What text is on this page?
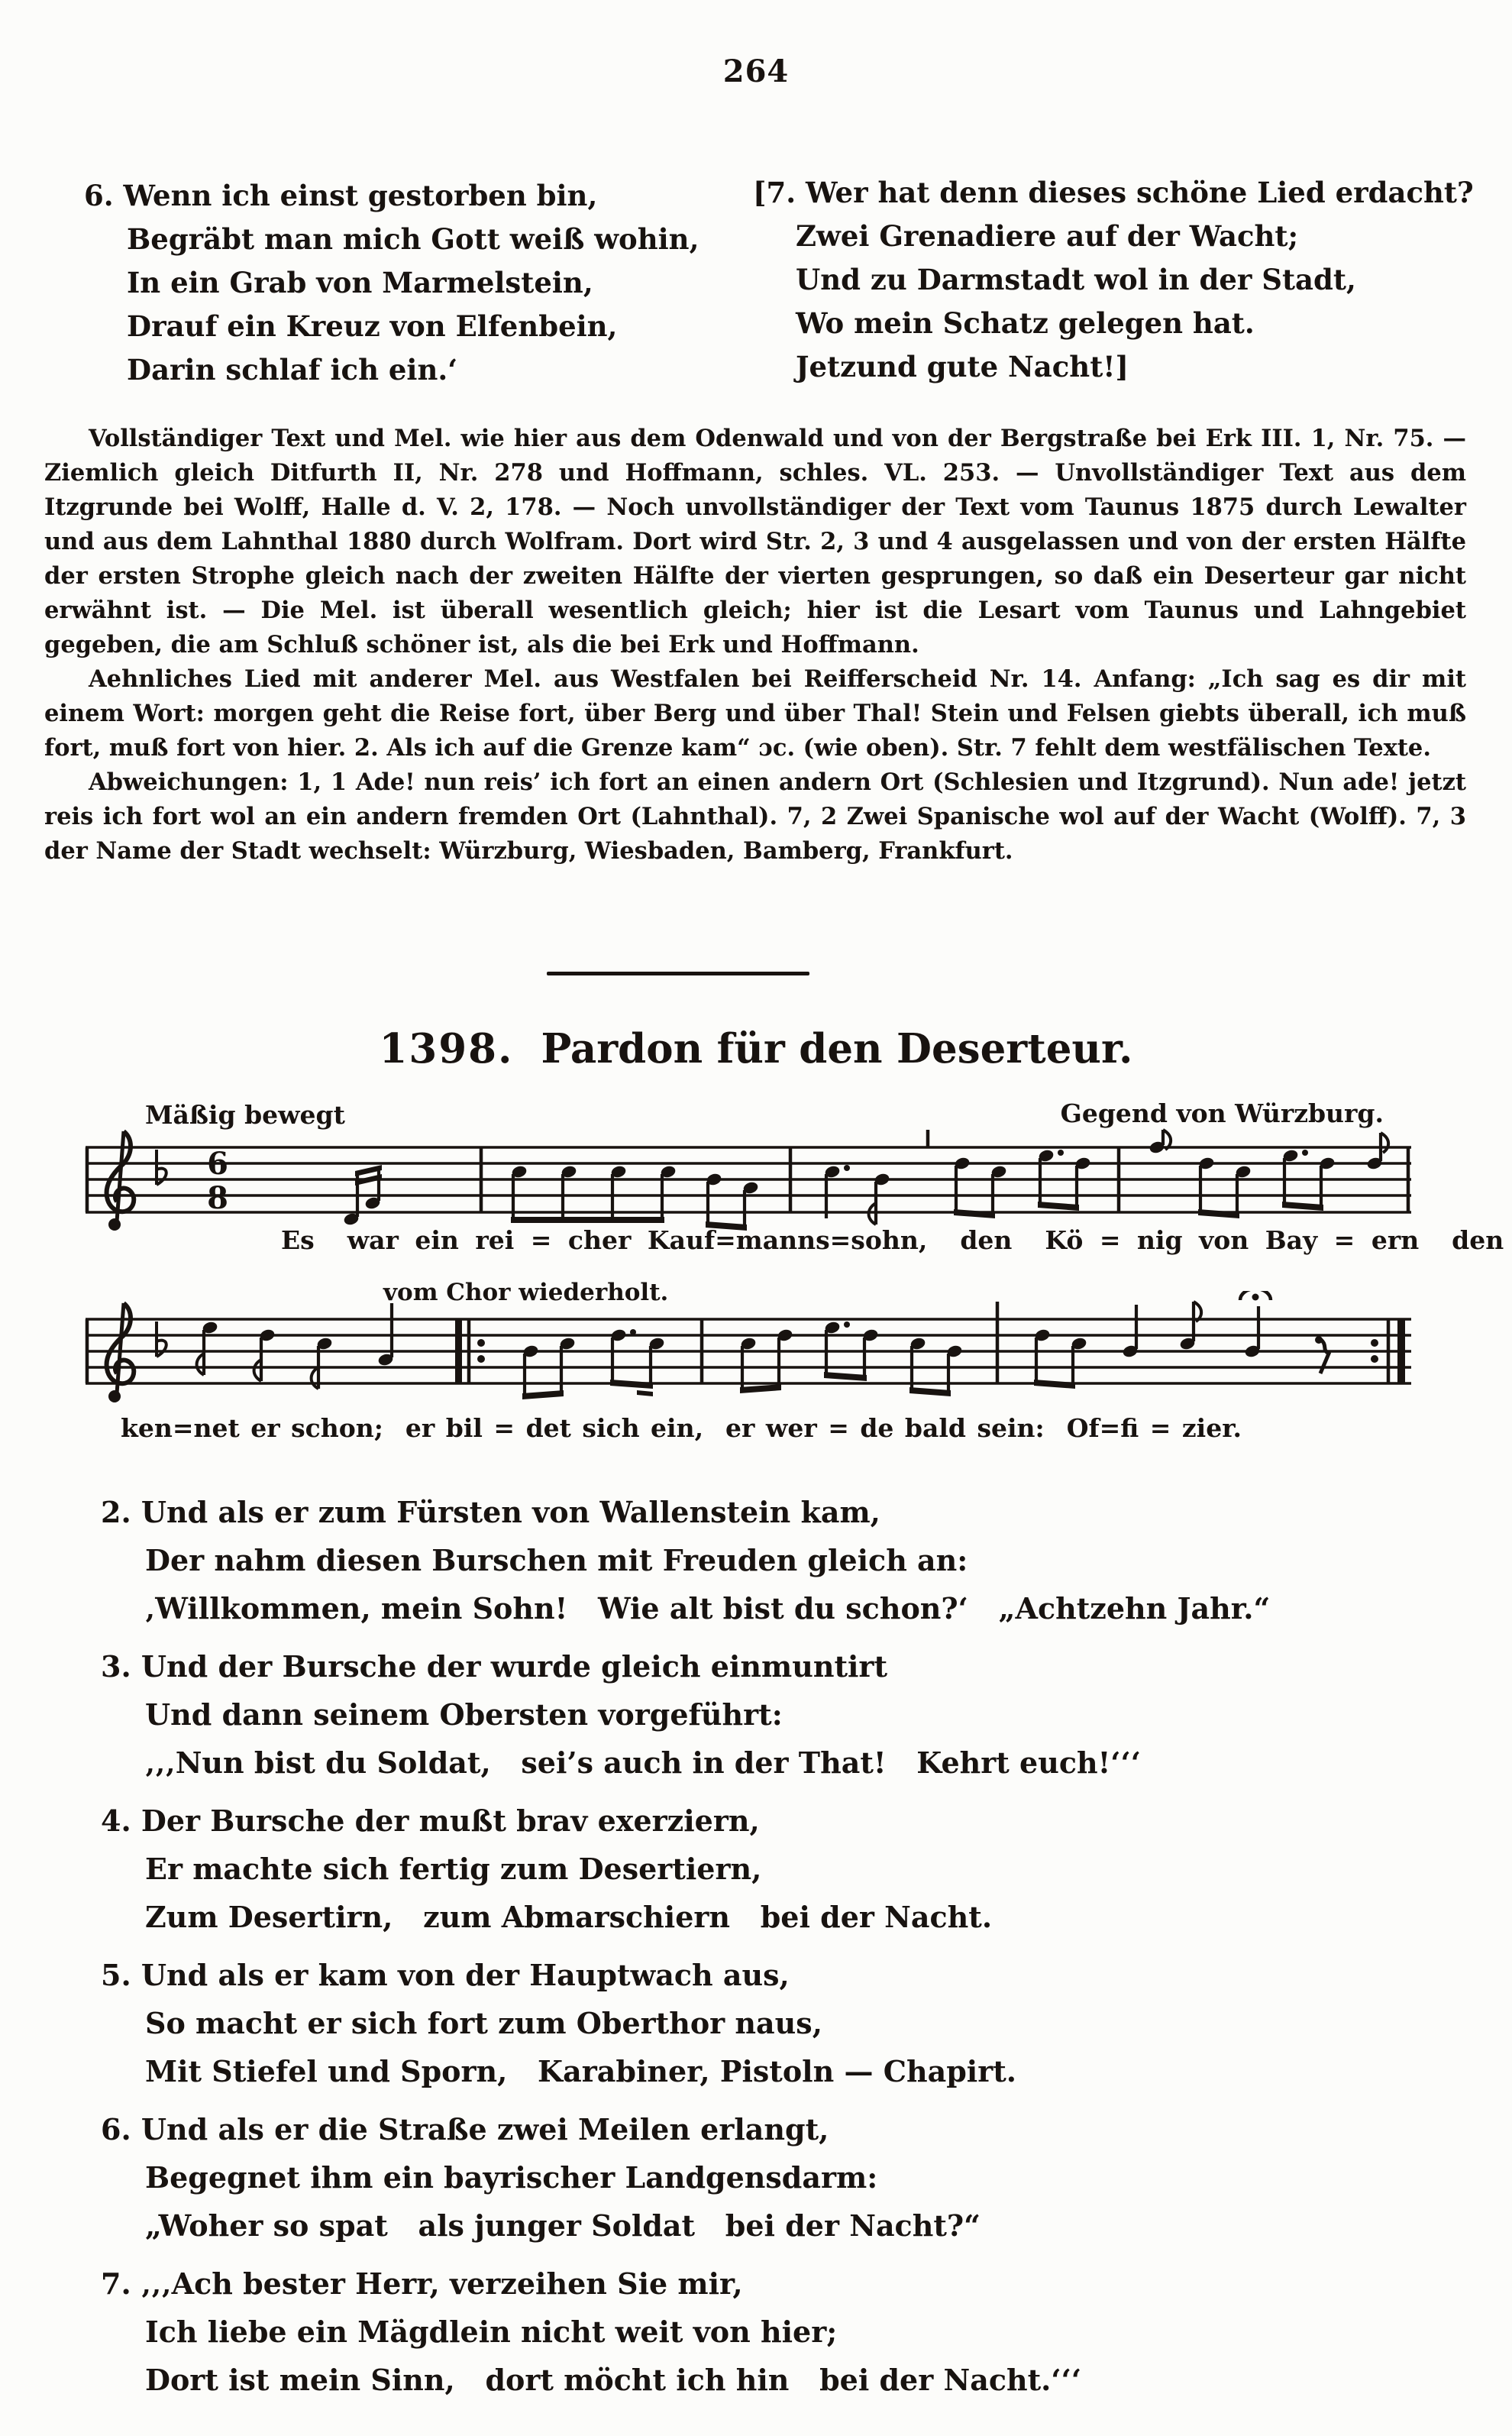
264
6. Wenn ich einst gestorben bin,
Begräbt man mich Gott weiß wohin,
In ein Grab von Marmelstein,
Drauf ein Kreuz von Elfenbein,
Darin schlaf ich ein.‘
[7. Wer hat denn dieses schöne Lied erdacht?
Zwei Grenadiere auf der Wacht;
Und zu Darmstadt wol in der Stadt,
Wo mein Schatz gelegen hat.
Jetzund gute Nacht!]

Vollständiger Text und Mel. wie hier aus dem Odenwald und von der Bergstraße bei Erk III. 1, Nr. 75. — Ziemlich gleich Ditfurth II, Nr. 278 und Hoffmann, schles. VL. 253. — Unvollständiger Text aus dem Itzgrunde bei Wolff, Halle d. V. 2, 178. — Noch unvollständiger der Text vom Taunus 1875 durch Lewalter und aus dem Lahnthal 1880 durch Wolfram. Dort wird Str. 2, 3 und 4 ausgelassen und von der ersten Hälfte der ersten Strophe gleich nach der zweiten Hälfte der vierten gesprungen, so daß ein Deserteur gar nicht erwähnt ist. — Die Mel. ist überall wesentlich gleich; hier ist die Lesart vom Taunus und Lahngebiet gegeben, die am Schluß schöner ist, als die bei Erk und Hoffmann.

Aehnliches Lied mit anderer Mel. aus Westfalen bei Reifferscheid Nr. 14. Anfang: „Ich sag es dir mit einem Wort: morgen geht die Reise fort, über Berg und über Thal! Stein und Felsen giebts überall, ich muß fort, muß fort von hier. 2. Als ich auf die Grenze kam“ ɔc. (wie oben). Str. 7 fehlt dem westfälischen Texte.

Abweichungen: 1, 1 Ade! nun reis’ ich fort an einen andern Ort (Schlesien und Itzgrund). Nun ade! jetzt reis ich fort wol an ein andern fremden Ort (Lahnthal). 7, 2 Zwei Spanische wol auf der Wacht (Wolff). 7, 3 der Name der Stadt wechselt: Würzburg, Wiesbaden, Bamberg, Frankfurt.

1398. Pardon für den Deserteur.
Mäßig bewegt	Gegend von Würzburg.
6
8
Es  war ein rei = cher Kauf=manns=sohn,  den  Kö = nig von Bay = ern  den
vom Chor wiederholt.
ken=net er schon;  er bil = det sich ein,  er wer = de bald sein:  Of=fi = zier.
2. Und als er zum Fürsten von Wallenstein kam,
Der nahm diesen Burschen mit Freuden gleich an:
‚Willkommen, mein Sohn!   Wie alt bist du schon?‘   „Achtzehn Jahr.“
3. Und der Bursche der wurde gleich einmuntirt
Und dann seinem Obersten vorgeführt:
‚‚‚Nun bist du Soldat,   sei’s auch in der That!   Kehrt euch!‘‘‘
4. Der Bursche der mußt brav exerziern,
Er machte sich fertig zum Desertiern,
Zum Desertirn,   zum Abmarschiern   bei der Nacht.
5. Und als er kam von der Hauptwach aus,
So macht er sich fort zum Oberthor naus,
Mit Stiefel und Sporn,   Karabiner, Pistoln — Chapirt.
6. Und als er die Straße zwei Meilen erlangt,
Begegnet ihm ein bayrischer Landgensdarm:
„Woher so spat   als junger Soldat   bei der Nacht?“
7. ‚‚‚Ach bester Herr, verzeihen Sie mir,
Ich liebe ein Mägdlein nicht weit von hier;
Dort ist mein Sinn,   dort möcht ich hin   bei der Nacht.‘‘‘
